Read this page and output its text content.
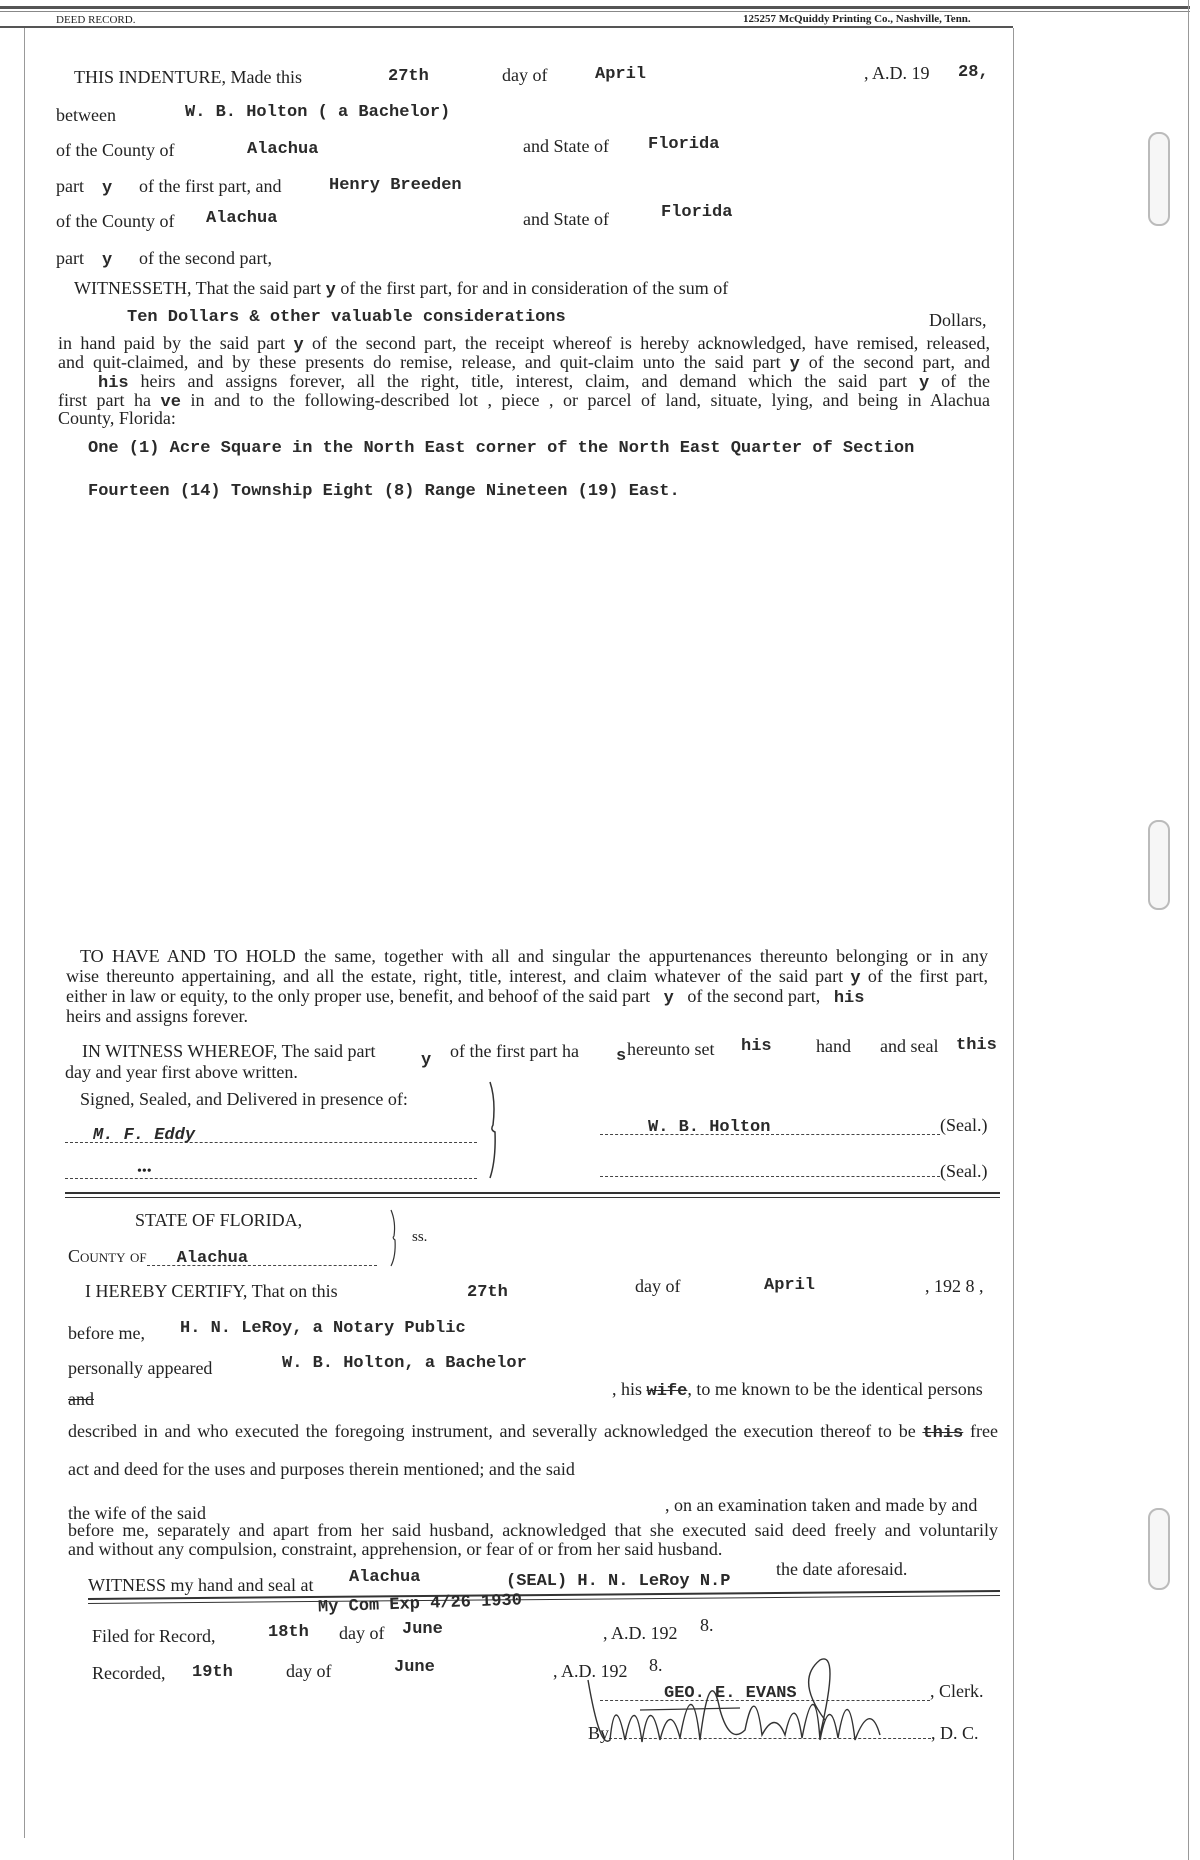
DEED RECORD.	125257 McQuiddy Printing Co., Nashville, Tenn.
THIS INDENTURE, Made this	27th	day of	April	, A.D. 19 28,
between	W. B. Holton ( a Bachelor)
of the County of	Alachua	and State of Florida
part y of the first part, and	Henry Breeden
of the County of Alachua	and State of	Florida
part y of the second part,
WITNESSETH, That the said part y of the first part, for and in consideration of the sum of
Ten Dollars & other valuable considerations	Dollars,
in hand paid by the said part y of the second part, the receipt whereof is hereby acknowledged, have remised, released,
and quit-claimed, and by these presents do remise, release, and quit-claim unto the said part y of the second part, and
his heirs and assigns forever, all the right, title, interest, claim, and demand which the said part y of the
first part ha ve in and to the following-described lot , piece , or parcel of land, situate, lying, and being in Alachua
County, Florida:
One (1) Acre Square in the North East corner of the North East Quarter of Section
Fourteen (14) Township Eight (8) Range Nineteen (19) East.
TO HAVE AND TO HOLD the same, together with all and singular the appurtenances thereunto belonging or in any
wise thereunto appertaining, and all the estate, right, title, interest, and claim whatever of the said part y of the first part,
either in law or equity, to the only proper use, benefit, and behoof of the said part y of the second part, his
heirs and assigns forever.
IN WITNESS WHEREOF, The said part	y of the first part ha s hereunto set his hand and seal this
day and year first above written.
Signed, Sealed, and Delivered in presence of:
M. F. Eddy	W. B. Holton	(Seal.)
•••	(Seal.)
STATE OF FLORIDA,
ss.
County of Alachua
I HEREBY CERTIFY, That on this	27th	day of	April	, 192 8 ,
before me, H. N. LeRoy, a Notary Public
personally appeared	W. B. Holton, a Bachelor
and	, his wife, to me known to be the identical persons
described in and who executed the foregoing instrument, and severally acknowledged the execution thereof to be this free
act and deed for the uses and purposes therein mentioned; and the said
the wife of the said	, on an examination taken and made by and
before me, separately and apart from her said husband, acknowledged that she executed said deed freely and voluntarily
and without any compulsion, constraint, apprehension, or fear of or from her said husband.
WITNESS my hand and seal at Alachua	(SEAL) H. N. LeRoy N.P
the date aforesaid.
My Com Exp 4/26 1930
Filed for Record,	18th day of June	, A.D. 192 8.
Recorded, 19th	day of	June	, A.D. 192 8.
GEO. E. EVANS	, Clerk.
By	, D. C.
